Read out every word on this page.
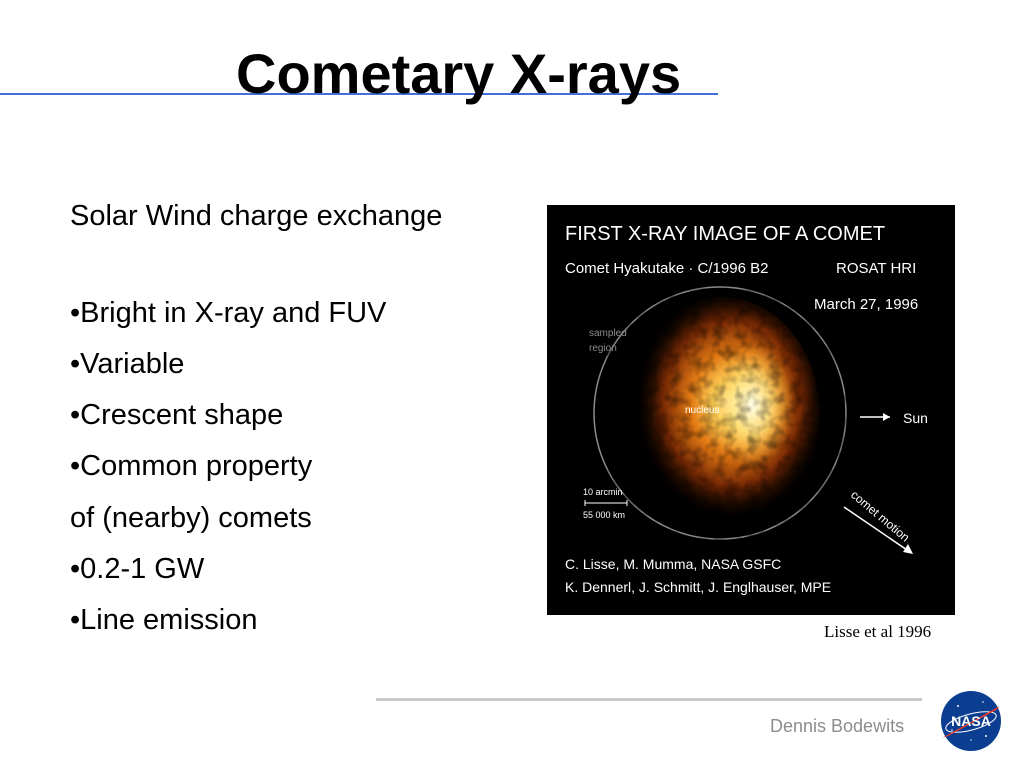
Cometary X-rays
Solar Wind charge exchange
•Bright in X-ray and FUV
•Variable
•Crescent shape
•Common property
of (nearby) comets
•0.2-1 GW
•Line emission
FIRST X-RAY IMAGE OF A COMET
Comet Hyakutake · C/1996 B2	ROSAT HRI
March 27, 1996
sampled
region
nucleus	Sun
10 arcmin
55 000 km	comet motion
C. Lisse, M. Mumma, NASA GSFC
K. Dennerl, J. Schmitt, J. Englhauser, MPE
Lisse et al 1996
Dennis Bodewits	NASA
